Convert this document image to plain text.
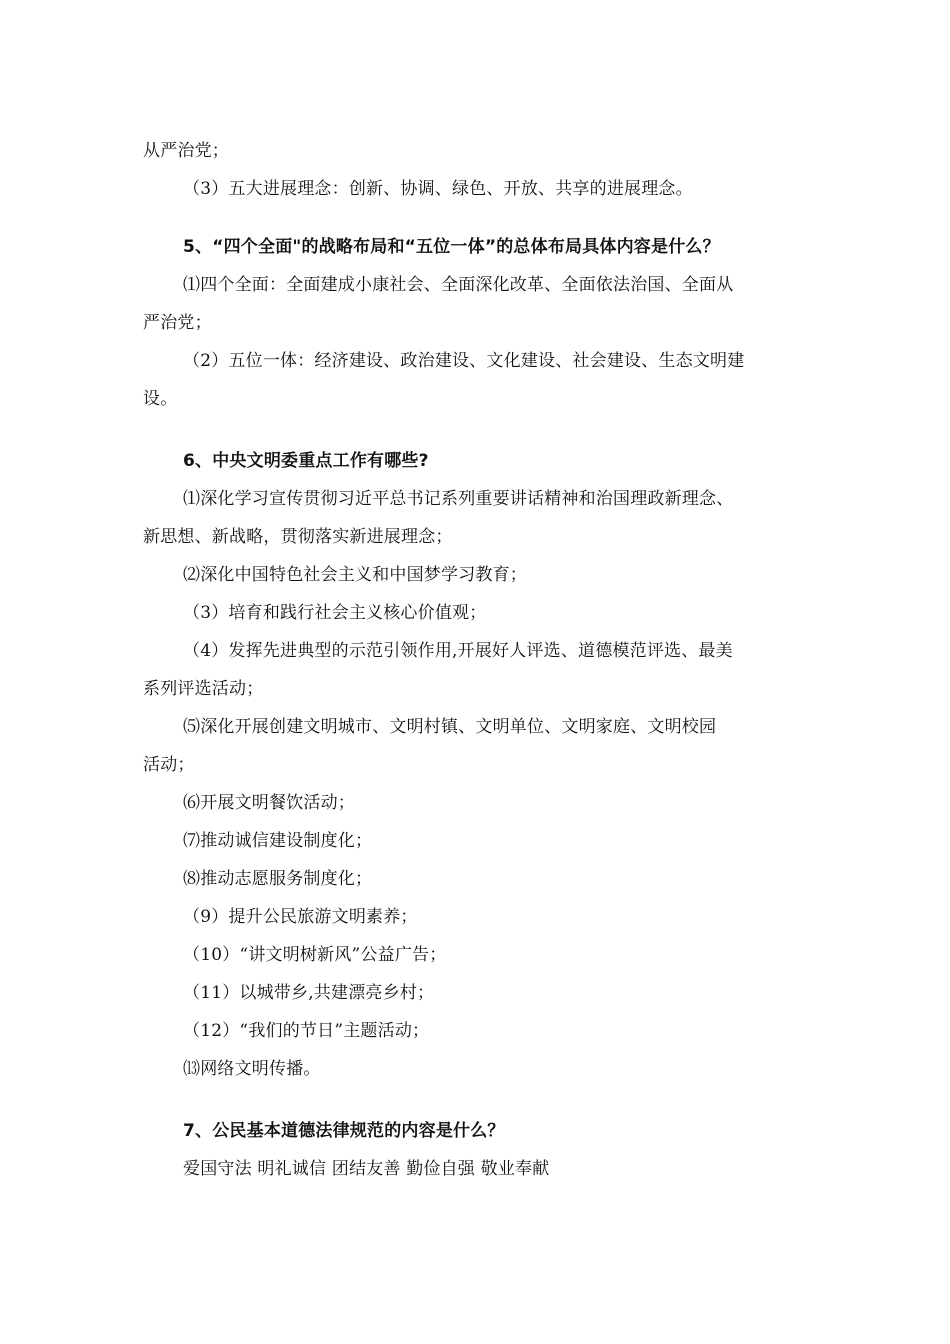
从严治党；
（3）五大进展理念：创新、协调、绿色、开放、共享的进展理念。
5、“四个全面"的战略布局和“五位一体”的总体布局具体内容是什么？
⑴四个全面：全面建成小康社会、全面深化改革、全面依法治国、全面从
严治党；
（2）五位一体：经济建设、政治建设、文化建设、社会建设、生态文明建
设。
6、中央文明委重点工作有哪些?
⑴深化学习宣传贯彻习近平总书记系列重要讲话精神和治国理政新理念、
新思想、新战略，贯彻落实新进展理念；
⑵深化中国特色社会主义和中国梦学习教育；
（3）培育和践行社会主义核心价值观；
（4）发挥先进典型的示范引领作用,开展好人评选、道德模范评选、最美
系列评选活动；
⑸深化开展创建文明城市、文明村镇、文明单位、文明家庭、文明校园
活动；
⑹开展文明餐饮活动；
⑺推动诚信建设制度化；
⑻推动志愿服务制度化；
（9）提升公民旅游文明素养；
（10）“讲文明树新风”公益广告；
（11）以城带乡,共建漂亮乡村；
（12）“我们的节日”主题活动；
⒀网络文明传播。
7、公民基本道德法律规范的内容是什么？
爱国守法 明礼诚信 团结友善 勤俭自强 敬业奉献
